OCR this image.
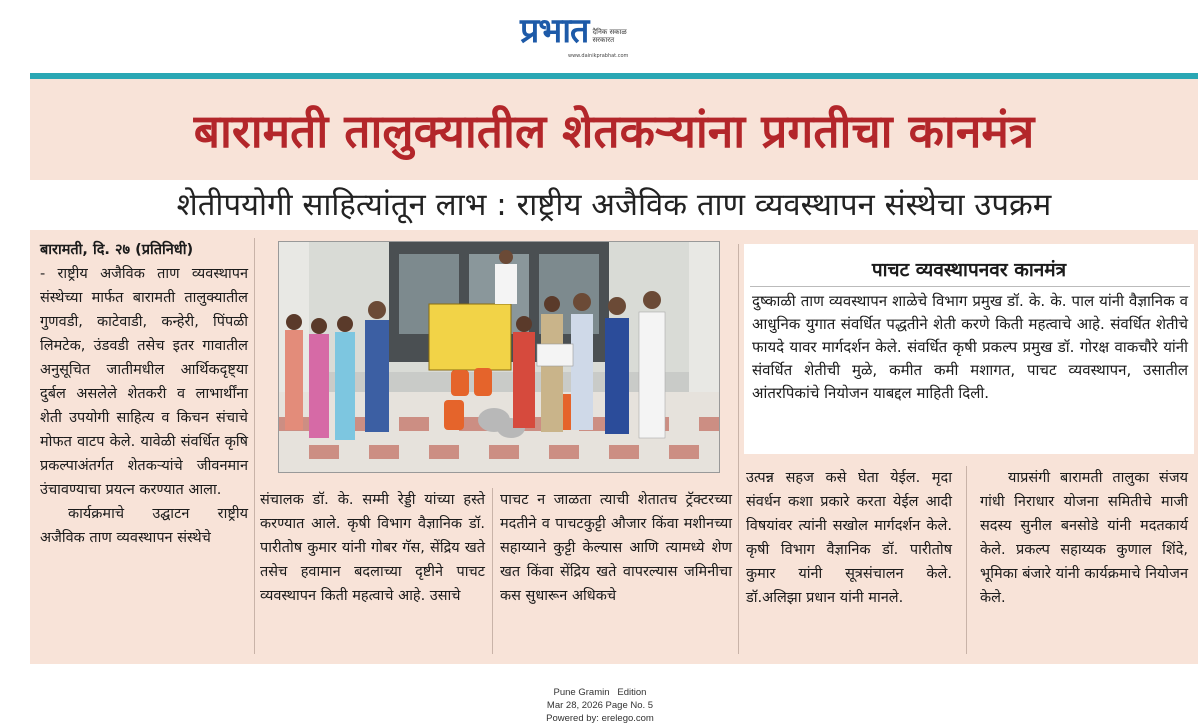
प्रभात दैनिक सकाळ सरकारत
www.dainikprabhat.com
बारामती तालुक्यातील शेतकऱ्यांना प्रगतीचा कानमंत्र
शेतीपयोगी साहित्यांतून लाभ : राष्ट्रीय अजैविक ताण व्यवस्थापन संस्थेचा उपक्रम

बारामती, दि. २७ (प्रतिनिधी)

- राष्ट्रीय अजैविक ताण व्यवस्थापन संस्थेच्या मार्फत बारामती तालुक्यातील गुणवडी, काटेवाडी, कन्हेरी, पिंपळी लिमटेक, उंडवडी तसेच इतर गावातील अनुसूचित जातीमधील आर्थिकदृष्ट्या दुर्बल असलेले शेतकरी व लाभार्थींना शेती उपयोगी साहित्य व किचन संचाचे मोफत वाटप केले. यावेळी संवर्धित कृषि प्रकल्पाअंतर्गत शेतकऱ्यांचे जीवनमान उंचावण्याचा प्रयत्न करण्यात आला.

कार्यक्रमाचे उद्घाटन राष्ट्रीय अजैविक ताण व्यवस्थापन संस्थेचे

संचालक डॉ. के. सम्मी रेड्डी यांच्या हस्ते करण्यात आले. कृषी विभाग वैज्ञानिक डॉ. पारीतोष कुमार यांनी गोबर गॅस, सेंद्रिय खते तसेच हवामान बदलाच्या दृष्टीने पाचट व्यवस्थापन किती महत्वाचे आहे. उसाचे

पाचट न जाळता त्याची शेतातच ट्रॅक्टरच्या मदतीने व पाचटकुट्टी औजार किंवा मशीनच्या सहाय्याने कुट्टी केल्यास आणि त्यामध्ये शेण खत किंवा सेंद्रिय खते वापरल्यास जमिनीचा कस सुधारून अधिकचे

पाचट व्यवस्थापनवर कानमंत्र
दुष्काळी ताण व्यवस्थापन शाळेचे विभाग प्रमुख डॉ. के. के. पाल यांनी वैज्ञानिक व आधुनिक युगात संवर्धित पद्धतीने शेती करणे किती महत्वाचे आहे. संवर्धित शेतीचे फायदे यावर मार्गदर्शन केले. संवर्धित कृषी प्रकल्प प्रमुख डॉ. गोरक्ष वाकचौरे यांनी संवर्धित शेतीची मुळे, कमीत कमी मशागत, पाचट व्यवस्थापन, उसातील आंतरपिकांचे नियोजन याबद्दल माहिती दिली.

उत्पन्न सहज कसे घेता येईल. मृदा संवर्धन कशा प्रकारे करता येईल आदी विषयांवर त्यांनी सखोल मार्गदर्शन केले. कृषी विभाग वैज्ञानिक डॉ. पारीतोष कुमार यांनी सूत्रसंचालन केले. डॉ.अलिझा प्रधान यांनी मानले.

याप्रसंगी बारामती तालुका संजय गांधी निराधार योजना समितीचे माजी सदस्य सुनील बनसोडे यांनी मदतकार्य केले. प्रकल्प सहाय्यक कुणाल शिंदे, भूमिका बंजारे यांनी कार्यक्रमाचे नियोजन केले.

Pune Gramin   Edition
Mar 28, 2026 Page No. 5
Powered by: erelego.com
